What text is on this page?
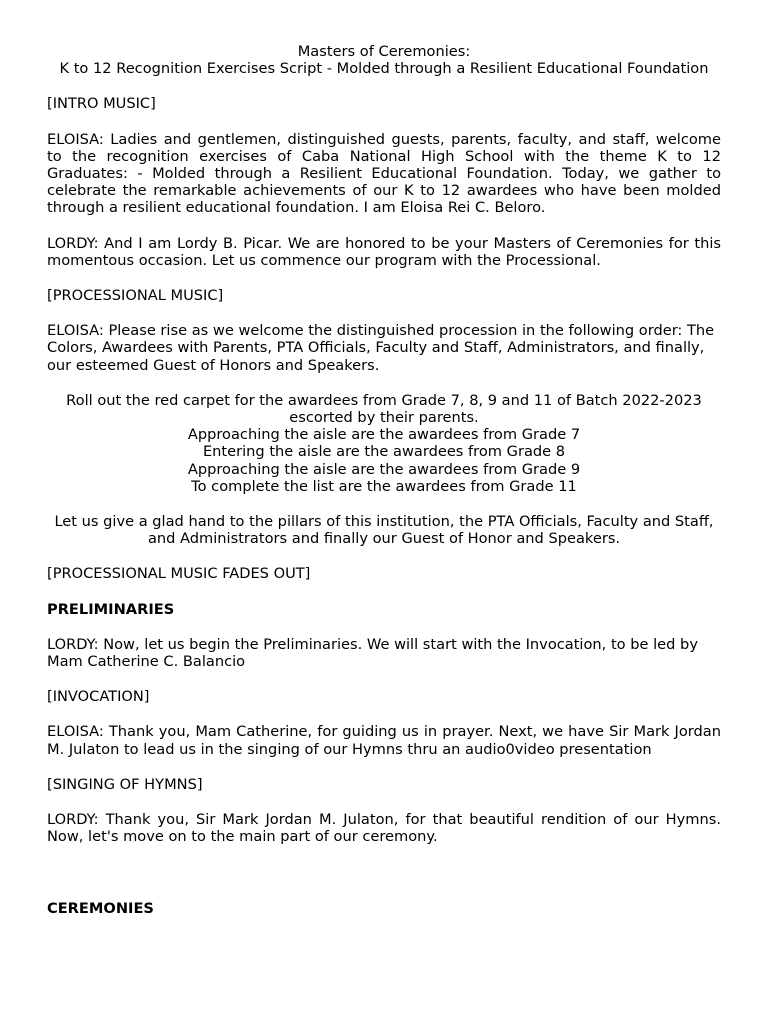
Masters of Ceremonies:
K to 12 Recognition Exercises Script - Molded through a Resilient Educational Foundation

[INTRO MUSIC]

ELOISA: Ladies and gentlemen, distinguished guests, parents, faculty, and staff, welcome to the recognition exercises of Caba National High School with the theme K to 12 Graduates: - Molded through a Resilient Educational Foundation. Today, we gather to celebrate the remarkable achievements of our K to 12 awardees who have been molded through a resilient educational foundation. I am Eloisa Rei C. Beloro.

LORDY: And I am Lordy B. Picar. We are honored to be your Masters of Ceremonies for this momentous occasion. Let us commence our program with the Processional.

[PROCESSIONAL MUSIC]

ELOISA: Please rise as we welcome the distinguished procession in the following order: The Colors, Awardees with Parents, PTA Officials, Faculty and Staff, Administrators, and finally, our esteemed Guest of Honors and Speakers.

Roll out the red carpet for the awardees from Grade 7, 8, 9 and 11 of Batch 2022-2023 escorted by their parents.
Approaching the aisle are the awardees from Grade 7
Entering the aisle are the awardees from Grade 8
Approaching the aisle are the awardees from Grade 9
To complete the list are the awardees from Grade 11

Let us give a glad hand to the pillars of this institution, the PTA Officials, Faculty and Staff, and Administrators and finally our Guest of Honor and Speakers.

[PROCESSIONAL MUSIC FADES OUT]

PRELIMINARIES

LORDY: Now, let us begin the Preliminaries. We will start with the Invocation, to be led by Mam Catherine C. Balancio

[INVOCATION]

ELOISA: Thank you, Mam Catherine, for guiding us in prayer. Next, we have Sir Mark Jordan M. Julaton to lead us in the singing of our Hymns thru an audio0video presentation

[SINGING OF HYMNS]

LORDY: Thank you, Sir Mark Jordan M. Julaton, for that beautiful rendition of our Hymns. Now, let's move on to the main part of our ceremony.

CEREMONIES
